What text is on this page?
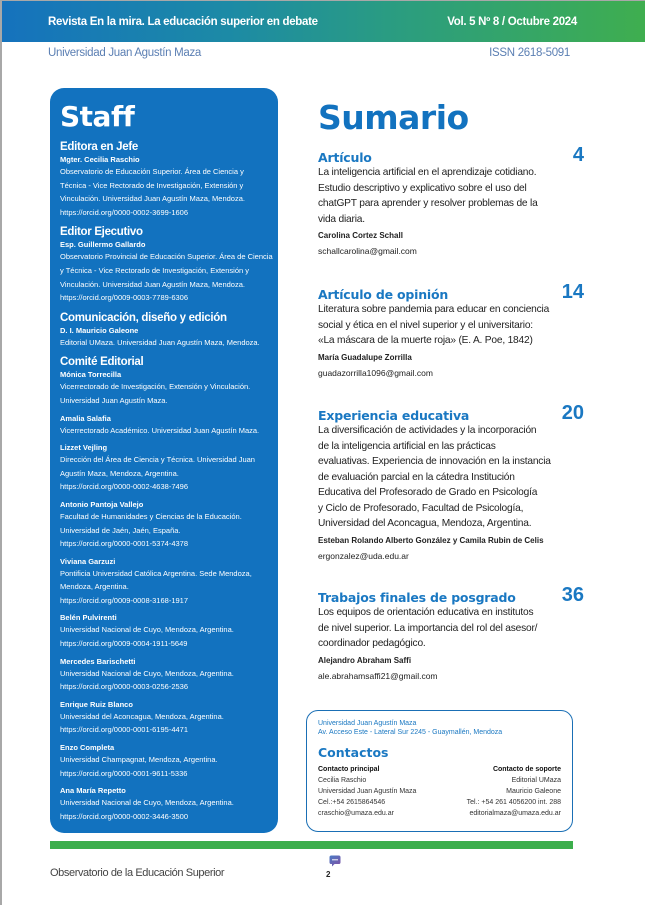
Revista En la mira. La educación superior en debate	Vol. 5 Nº 8 / Octubre 2024
Universidad Juan Agustín Maza	ISSN 2618-5091
Staff
Editora en Jefe
Mgter. Cecilia Raschio
Observatorio de Educación Superior. Área de Ciencia y
Técnica - Vice Rectorado de Investigación, Extensión y
Vinculación. Universidad Juan Agustín Maza, Mendoza.
https://orcid.org/0000-0002-3699-1606
Editor Ejecutivo
Esp. Guillermo Gallardo
Observatorio Provincial de Educación Superior. Área de Ciencia
y Técnica - Vice Rectorado de Investigación, Extensión y
Vinculación. Universidad Juan Agustín Maza, Mendoza.
https://orcid.org/0009-0003-7789-6306
Comunicación, diseño y edición
D. I. Mauricio Galeone
Editorial UMaza. Universidad Juan Agustín Maza, Mendoza.
Comité Editorial
Mónica Torrecilla
Vicerrectorado de Investigación, Extensión y Vinculación.
Universidad Juan Agustín Maza.
Amalia Salafia
Vicerrectorado Académico. Universidad Juan Agustín Maza.
Lizzet Vejling
Dirección del Área de Ciencia y Técnica. Universidad Juan
Agustín Maza, Mendoza, Argentina.
https://orcid.org/0000-0002-4638-7496
Antonio Pantoja Vallejo
Facultad de Humanidades y Ciencias de la Educación.
Universidad de Jaén, Jaén, España.
https://orcid.org/0000-0001-5374-4378
Viviana Garzuzi
Pontificia Universidad Católica Argentina. Sede Mendoza,
Mendoza, Argentina.
https://orcid.org/0009-0008-3168-1917
Belén Pulvirenti
Universidad Nacional de Cuyo, Mendoza, Argentina.
https://orcid.org/0009-0004-1911-5649
Mercedes Barischetti
Universidad Nacional de Cuyo, Mendoza, Argentina.
https://orcid.org/0000-0003-0256-2536
Enrique Ruiz Blanco
Universidad del Aconcagua, Mendoza, Argentina.
https://orcid.org/0000-0001-6195-4471
Enzo Completa
Universidad Champagnat, Mendoza, Argentina.
https://orcid.org/0000-0001-9611-5336
Ana María Repetto
Universidad Nacional de Cuyo, Mendoza, Argentina.
https://orcid.org/0000-0002-3446-3500
Sumario
Artículo	4
La inteligencia artificial en el aprendizaje cotidiano.
Estudio descriptivo y explicativo sobre el uso del
chatGPT para aprender y resolver problemas de la
vida diaria.
Carolina Cortez Schall
schallcarolina@gmail.com
Artículo de opinión	14
Literatura sobre pandemia para educar en conciencia
social y ética en el nivel superior y el universitario:
«La máscara de la muerte roja» (E. A. Poe, 1842)
María Guadalupe Zorrilla
guadazorrilla1096@gmail.com
Experiencia educativa	20
La diversificación de actividades y la incorporación
de la inteligencia artificial en las prácticas
evaluativas. Experiencia de innovación en la instancia
de evaluación parcial en la cátedra Institución
Educativa del Profesorado de Grado en Psicología
y Ciclo de Profesorado, Facultad de Psicología,
Universidad del Aconcagua, Mendoza, Argentina.
Esteban Rolando Alberto González y Camila Rubin de Celis
ergonzalez@uda.edu.ar
Trabajos finales de posgrado	36
Los equipos de orientación educativa en institutos
de nivel superior. La importancia del rol del asesor/
coordinador pedagógico.
Alejandro Abraham Saffi
ale.abrahamsaffi21@gmail.com
Universidad Juan Agustín Maza
Av. Acceso Este - Lateral Sur 2245 - Guaymallén, Mendoza
Contactos
Contacto principal
Cecilia Raschio
Universidad Juan Agustín Maza
Cel.:+54 2615864546
craschio@umaza.edu.ar
Contacto de soporte
Editorial UMaza
Mauricio Galeone
Tel.: +54 261 4056200 int. 288
editorialmaza@umaza.edu.ar
Observatorio de la Educación Superior	2
